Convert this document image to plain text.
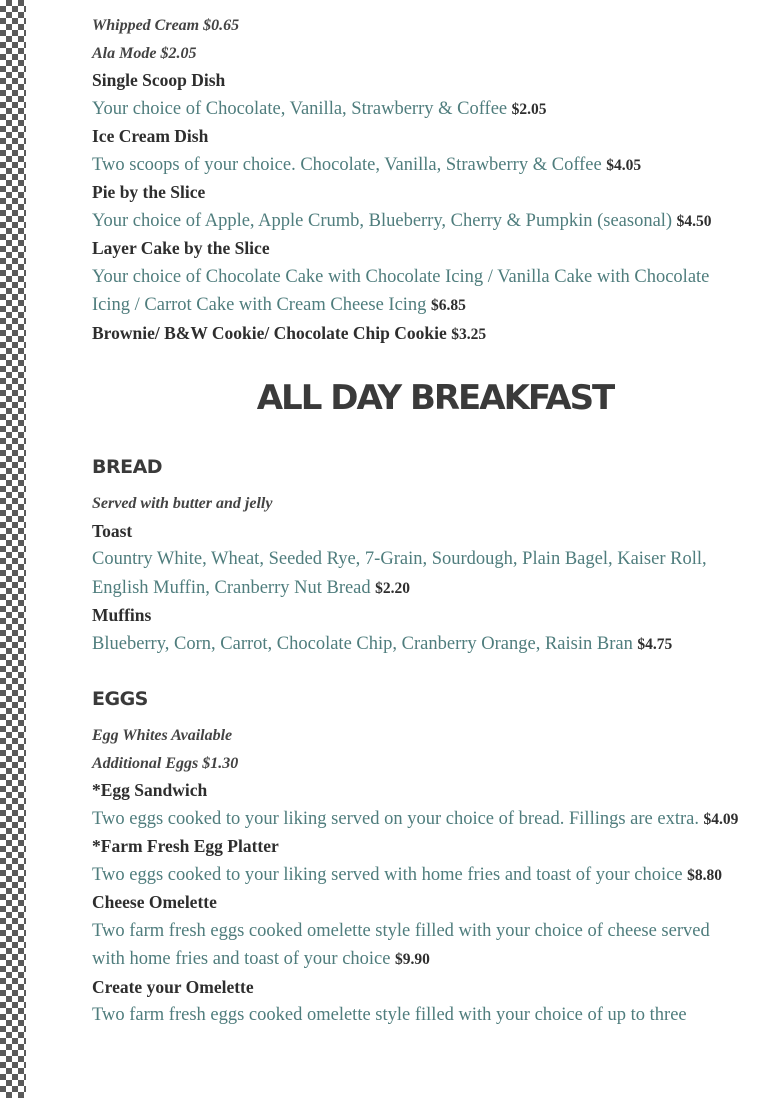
Whipped Cream $0.65
Ala Mode $2.05
Single Scoop Dish
Your choice of Chocolate, Vanilla, Strawberry & Coffee $2.05
Ice Cream Dish
Two scoops of your choice. Chocolate, Vanilla, Strawberry & Coffee $4.05
Pie by the Slice
Your choice of Apple, Apple Crumb, Blueberry, Cherry & Pumpkin (seasonal) $4.50
Layer Cake by the Slice
Your choice of Chocolate Cake with Chocolate Icing / Vanilla Cake with Chocolate Icing / Carrot Cake with Cream Cheese Icing $6.85
Brownie/ B&W Cookie/ Chocolate Chip Cookie $3.25
ALL DAY BREAKFAST
BREAD
Served with butter and jelly
Toast
Country White, Wheat, Seeded Rye, 7-Grain, Sourdough, Plain Bagel, Kaiser Roll, English Muffin, Cranberry Nut Bread $2.20
Muffins
Blueberry, Corn, Carrot, Chocolate Chip, Cranberry Orange, Raisin Bran $4.75
EGGS
Egg Whites Available
Additional Eggs $1.30
*Egg Sandwich
Two eggs cooked to your liking served on your choice of bread. Fillings are extra. $4.09
*Farm Fresh Egg Platter
Two eggs cooked to your liking served with home fries and toast of your choice $8.80
Cheese Omelette
Two farm fresh eggs cooked omelette style filled with your choice of cheese served with home fries and toast of your choice $9.90
Create your Omelette
Two farm fresh eggs cooked omelette style filled with your choice of up to three
